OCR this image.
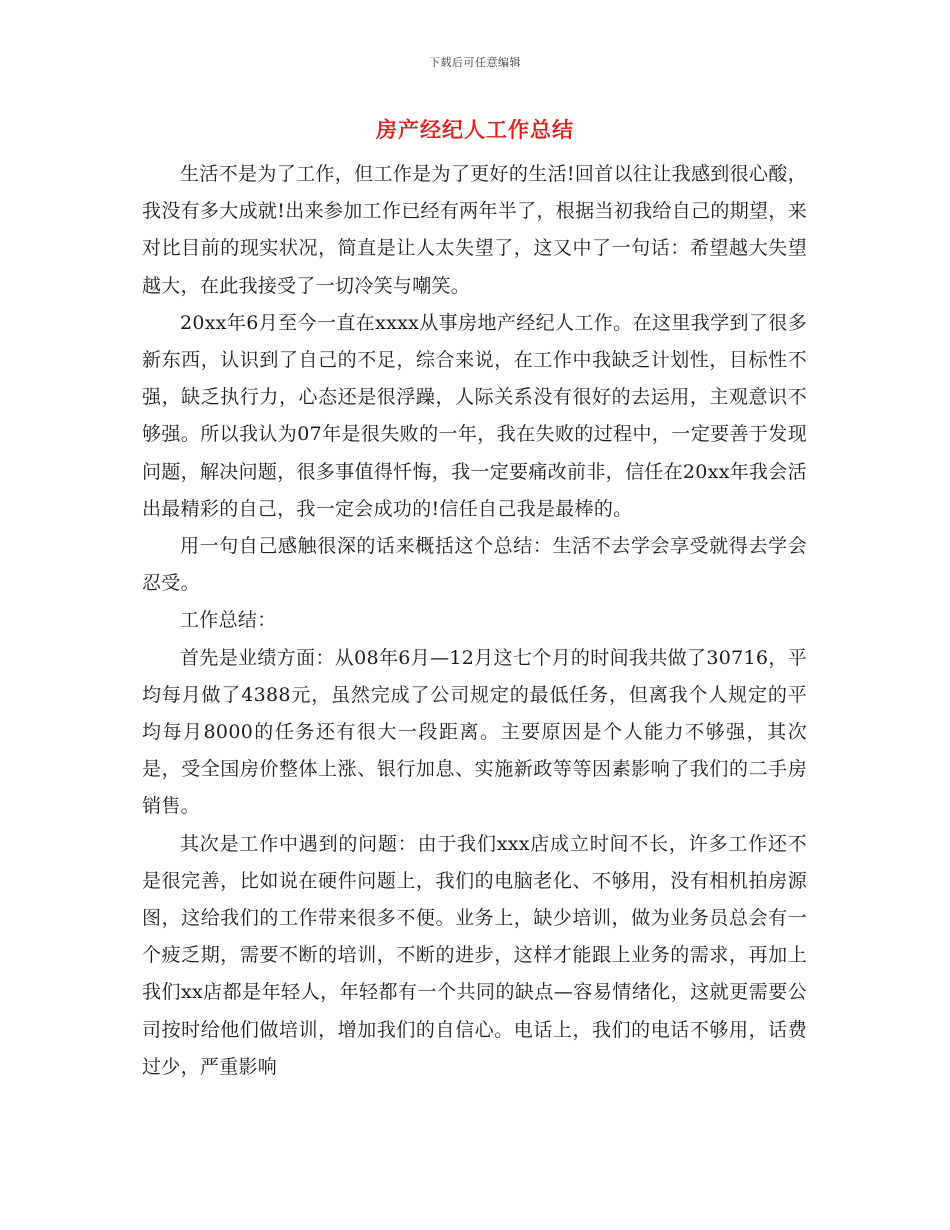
下载后可任意编辑
房产经纪人工作总结

生活不是为了工作，但工作是为了更好的生活!回首以往让我感到很心酸，我没有多大成就!出来参加工作已经有两年半了，根据当初我给自己的期望，来对比目前的现实状况，简直是让人太失望了，这又中了一句话：希望越大失望越大，在此我接受了一切冷笑与嘲笑。

20xx年6月至今一直在xxxx从事房地产经纪人工作。在这里我学到了很多新东西，认识到了自己的不足，综合来说，在工作中我缺乏计划性，目标性不强，缺乏执行力，心态还是很浮躁，人际关系没有很好的去运用，主观意识不够强。所以我认为07年是很失败的一年，我在失败的过程中，一定要善于发现问题，解决问题，很多事值得忏悔，我一定要痛改前非，信任在20xx年我会活出最精彩的自己，我一定会成功的!信任自己我是最棒的。

用一句自己感触很深的话来概括这个总结：生活不去学会享受就得去学会忍受。

工作总结：

首先是业绩方面：从08年6月—12月这七个月的时间我共做了30716，平均每月做了4388元，虽然完成了公司规定的最低任务，但离我个人规定的平均每月8000的任务还有很大一段距离。主要原因是个人能力不够强，其次是，受全国房价整体上涨、银行加息、实施新政等等因素影响了我们的二手房销售。

其次是工作中遇到的问题：由于我们xxx店成立时间不长，许多工作还不是很完善，比如说在硬件问题上，我们的电脑老化、不够用，没有相机拍房源图，这给我们的工作带来很多不便。业务上，缺少培训，做为业务员总会有一个疲乏期，需要不断的培训，不断的进步，这样才能跟上业务的需求，再加上我们xx店都是年轻人，年轻都有一个共同的缺点—容易情绪化，这就更需要公司按时给他们做培训，增加我们的自信心。电话上，我们的电话不够用，话费过少，严重影响
